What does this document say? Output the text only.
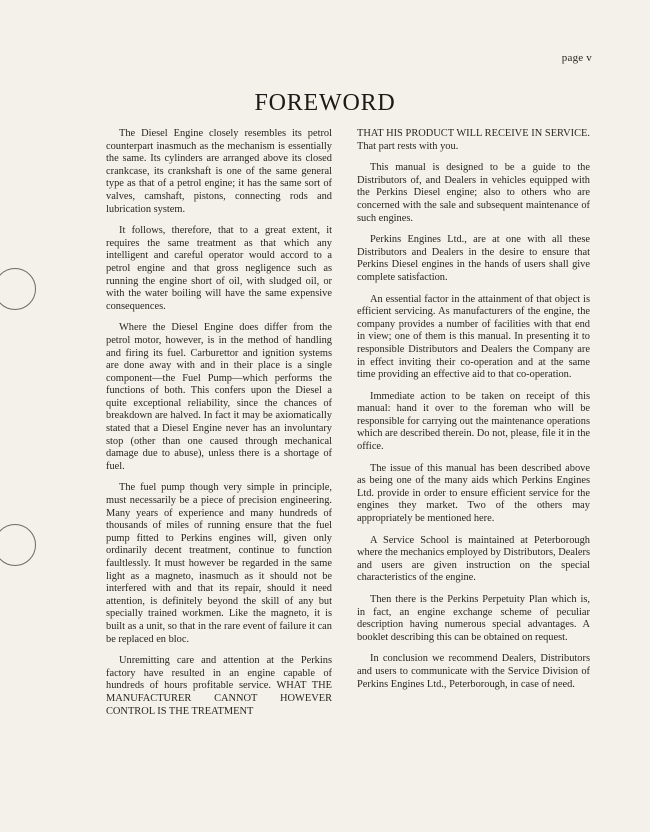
page v
FOREWORD

The Diesel Engine closely resembles its petrol counterpart inasmuch as the mechanism is essentially the same. Its cylinders are arranged above its closed crankcase, its crankshaft is one of the same general type as that of a petrol engine; it has the same sort of valves, camshaft, pistons, connecting rods and lubrication system.

It follows, therefore, that to a great extent, it requires the same treatment as that which any intelligent and careful operator would accord to a petrol engine and that gross negligence such as running the engine short of oil, with sludged oil, or with the water boiling will have the same expensive consequences.

Where the Diesel Engine does differ from the petrol motor, however, is in the method of handling and firing its fuel. Carburettor and ignition systems are done away with and in their place is a single component—the Fuel Pump—which performs the functions of both. This confers upon the Diesel a quite exceptional reliability, since the chances of breakdown are halved. In fact it may be axiomatically stated that a Diesel Engine never has an involuntary stop (other than one caused through mechanical damage due to abuse), unless there is a shortage of fuel.

The fuel pump though very simple in principle, must necessarily be a piece of precision engineering. Many years of experience and many hundreds of thousands of miles of running ensure that the fuel pump fitted to Perkins engines will, given only ordinarily decent treatment, continue to function faultlessly. It must however be regarded in the same light as a magneto, inasmuch as it should not be interfered with and that its repair, should it need attention, is definitely beyond the skill of any but specially trained workmen. Like the magneto, it is built as a unit, so that in the rare event of failure it can be replaced en bloc.

Unremitting care and attention at the Perkins factory have resulted in an engine capable of hundreds of hours profitable service. WHAT THE MANUFACTURER CANNOT HOWEVER CONTROL IS THE TREATMENT

THAT HIS PRODUCT WILL RECEIVE IN SERVICE. That part rests with you.

This manual is designed to be a guide to the Distributors of, and Dealers in vehicles equipped with the Perkins Diesel engine; also to others who are concerned with the sale and subsequent maintenance of such engines.

Perkins Engines Ltd., are at one with all these Distributors and Dealers in the desire to ensure that Perkins Diesel engines in the hands of users shall give complete satisfaction.

An essential factor in the attainment of that object is efficient servicing. As manufacturers of the engine, the company provides a number of facilities with that end in view; one of them is this manual. In presenting it to responsible Distributors and Dealers the Company are in effect inviting their co-operation and at the same time providing an effective aid to that co-operation.

Immediate action to be taken on receipt of this manual: hand it over to the foreman who will be responsible for carrying out the maintenance operations which are described therein. Do not, please, file it in the office.

The issue of this manual has been described above as being one of the many aids which Perkins Engines Ltd. provide in order to ensure efficient service for the engines they market. Two of the others may appropriately be mentioned here.

A Service School is maintained at Peterborough where the mechanics employed by Distributors, Dealers and users are given instruction on the special characteristics of the engine.

Then there is the Perkins Perpetuity Plan which is, in fact, an engine exchange scheme of peculiar description having numerous special advantages. A booklet describing this can be obtained on request.

In conclusion we recommend Dealers, Distributors and users to communicate with the Service Division of Perkins Engines Ltd., Peterborough, in case of need.
